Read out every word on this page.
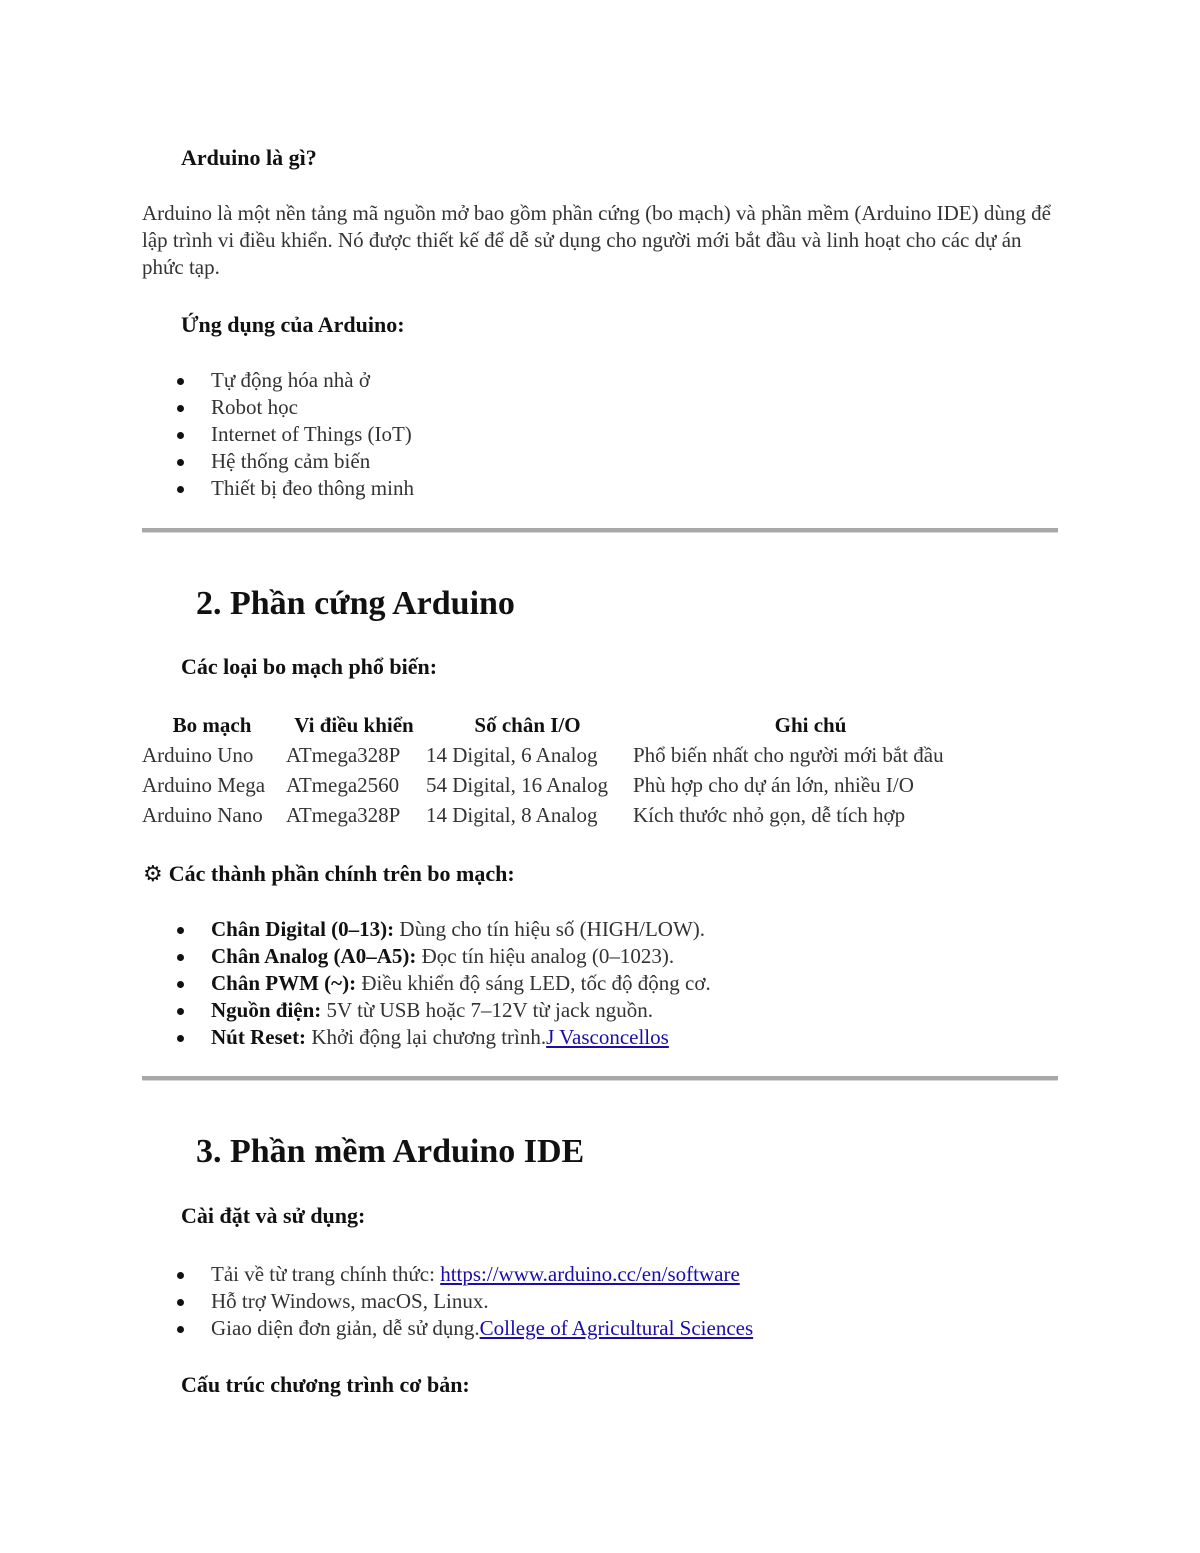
Arduino là gì?

Arduino là một nền tảng mã nguồn mở bao gồm phần cứng (bo mạch) và phần mềm (Arduino IDE) dùng để lập trình vi điều khiển. Nó được thiết kế để dễ sử dụng cho người mới bắt đầu và linh hoạt cho các dự án phức tạp.

Ứng dụng của Arduino:
Tự động hóa nhà ở
Robot học
Internet of Things (IoT)
Hệ thống cảm biến
Thiết bị đeo thông minh
2. Phần cứng Arduino
Các loại bo mạch phổ biến:
Bo mạch	Vi điều khiển	Số chân I/O	Ghi chú
Arduino Uno	ATmega328P	14 Digital, 6 Analog	Phổ biến nhất cho người mới bắt đầu
Arduino Mega	ATmega2560	54 Digital, 16 Analog	Phù hợp cho dự án lớn, nhiều I/O
Arduino Nano	ATmega328P	14 Digital, 8 Analog	Kích thước nhỏ gọn, dễ tích hợp
⚙ Các thành phần chính trên bo mạch:
Chân Digital (0–13): Dùng cho tín hiệu số (HIGH/LOW).
Chân Analog (A0–A5): Đọc tín hiệu analog (0–1023).
Chân PWM (~): Điều khiển độ sáng LED, tốc độ động cơ.
Nguồn điện: 5V từ USB hoặc 7–12V từ jack nguồn.
Nút Reset: Khởi động lại chương trình.J Vasconcellos
3. Phần mềm Arduino IDE
Cài đặt và sử dụng:
Tải về từ trang chính thức: https://www.arduino.cc/en/software
Hỗ trợ Windows, macOS, Linux.
Giao diện đơn giản, dễ sử dụng.College of Agricultural Sciences
Cấu trúc chương trình cơ bản:
